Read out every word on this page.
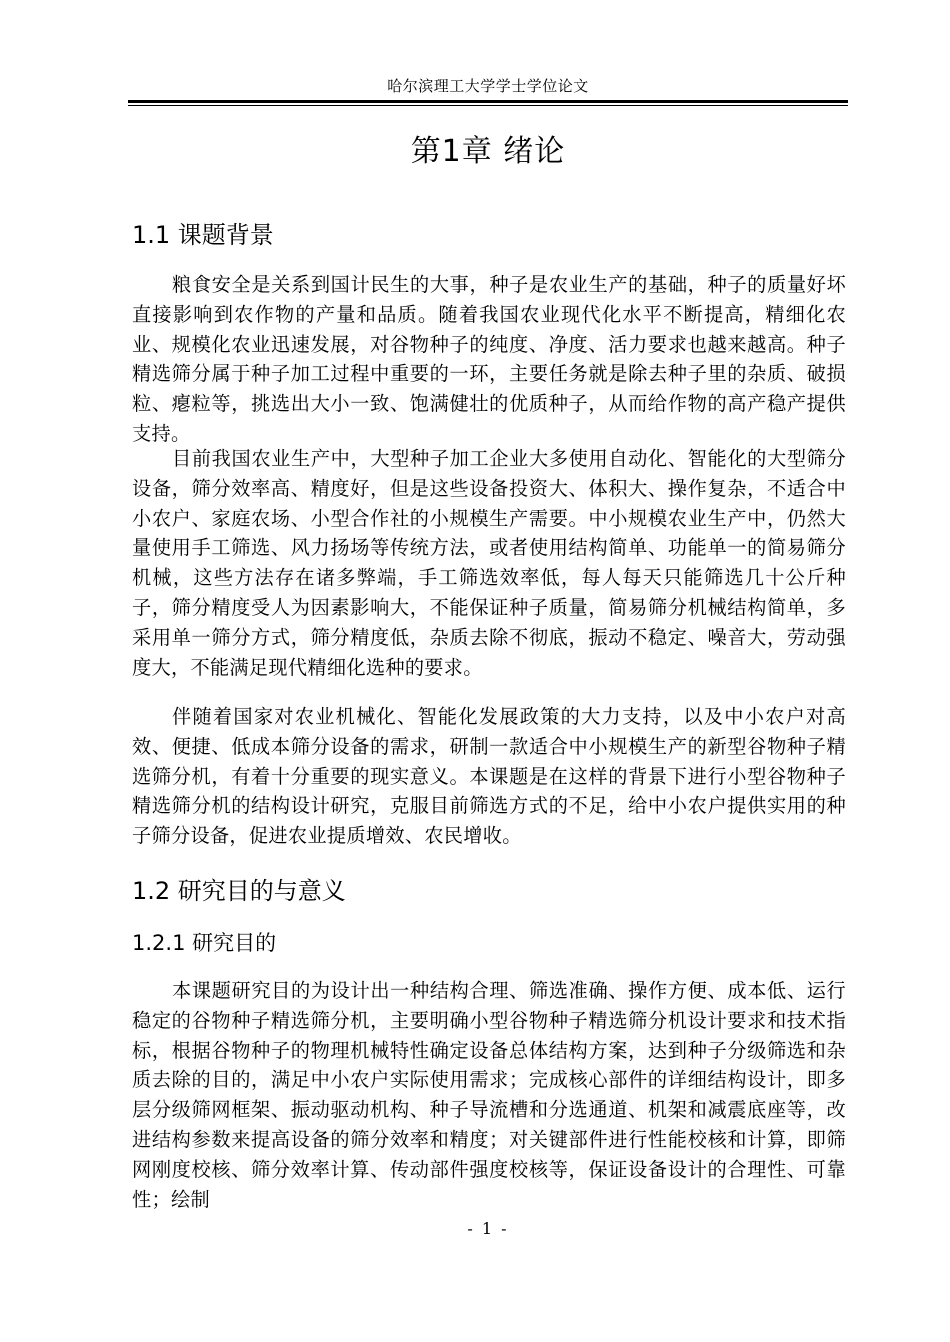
哈尔滨理工大学学士学位论文
第1章 绪论
1.1 课题背景

粮食安全是关系到国计民生的大事，种子是农业生产的基础，种子的质量好坏直接影响到农作物的产量和品质。随着我国农业现代化水平不断提高，精细化农业、规模化农业迅速发展，对谷物种子的纯度、净度、活力要求也越来越高。种子精选筛分属于种子加工过程中重要的一环，主要任务就是除去种子里的杂质、破损粒、瘪粒等，挑选出大小一致、饱满健壮的优质种子，从而给作物的高产稳产提供支持。

目前我国农业生产中，大型种子加工企业大多使用自动化、智能化的大型筛分设备，筛分效率高、精度好，但是这些设备投资大、体积大、操作复杂，不适合中小农户、家庭农场、小型合作社的小规模生产需要。中小规模农业生产中，仍然大量使用手工筛选、风力扬场等传统方法，或者使用结构简单、功能单一的简易筛分机械，这些方法存在诸多弊端，手工筛选效率低，每人每天只能筛选几十公斤种子，筛分精度受人为因素影响大，不能保证种子质量，简易筛分机械结构简单，多采用单一筛分方式，筛分精度低，杂质去除不彻底，振动不稳定、噪音大，劳动强度大，不能满足现代精细化选种的要求。

伴随着国家对农业机械化、智能化发展政策的大力支持，以及中小农户对高效、便捷、低成本筛分设备的需求，研制一款适合中小规模生产的新型谷物种子精选筛分机，有着十分重要的现实意义。本课题是在这样的背景下进行小型谷物种子精选筛分机的结构设计研究，克服目前筛选方式的不足，给中小农户提供实用的种子筛分设备，促进农业提质增效、农民增收。

1.2 研究目的与意义
1.2.1 研究目的

本课题研究目的为设计出一种结构合理、筛选准确、操作方便、成本低、运行稳定的谷物种子精选筛分机，主要明确小型谷物种子精选筛分机设计要求和技术指标，根据谷物种子的物理机械特性确定设备总体结构方案，达到种子分级筛选和杂质去除的目的，满足中小农户实际使用需求；完成核心部件的详细结构设计，即多层分级筛网框架、振动驱动机构、种子导流槽和分选通道、机架和减震底座等，改进结构参数来提高设备的筛分效率和精度；对关键部件进行性能校核和计算，即筛网刚度校核、筛分效率计算、传动部件强度校核等，保证设备设计的合理性、可靠性；绘制

- 1 -
